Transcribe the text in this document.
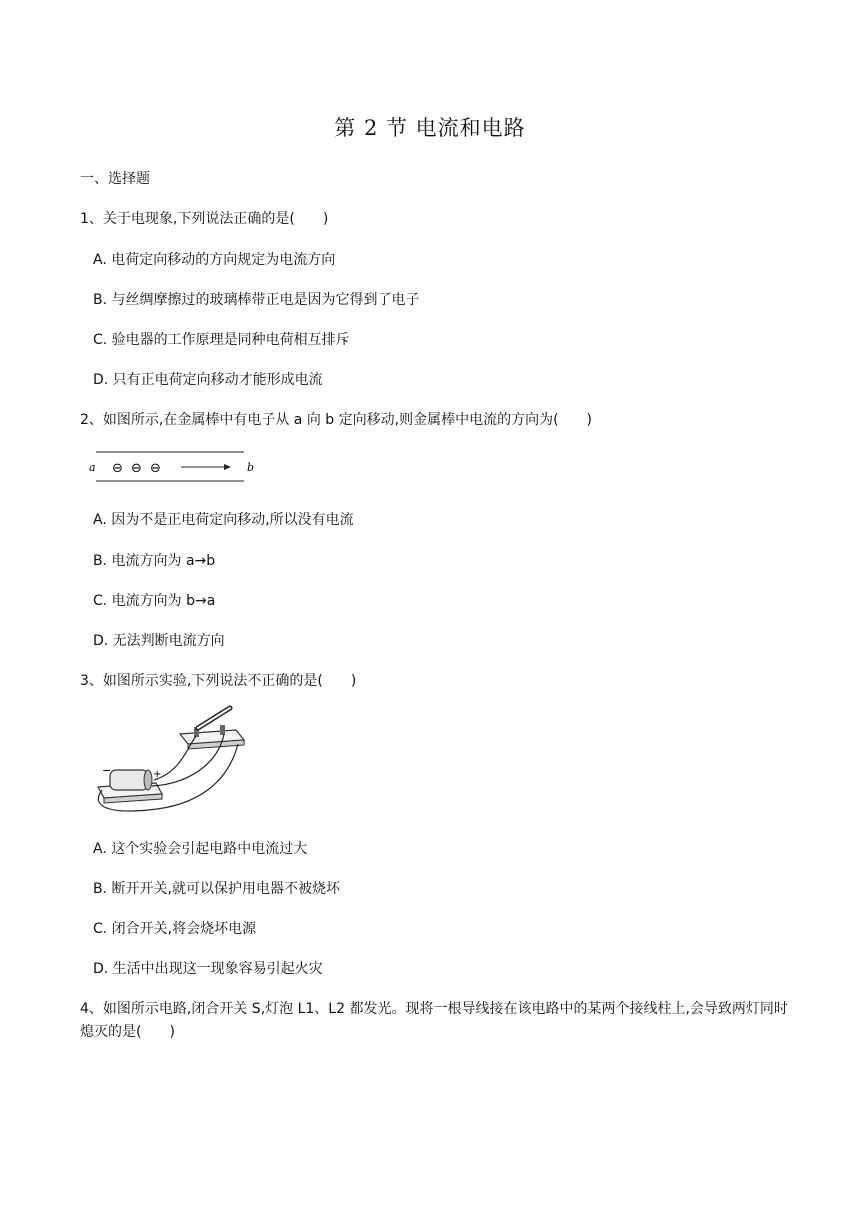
第 2 节 电流和电路
一、选择题
1、关于电现象,下列说法正确的是(　　)
A. 电荷定向移动的方向规定为电流方向
B. 与丝绸摩擦过的玻璃棒带正电是因为它得到了电子
C. 验电器的工作原理是同种电荷相互排斥
D. 只有正电荷定向移动才能形成电流
2、如图所示,在金属棒中有电子从 a 向 b 定向移动,则金属棒中电流的方向为(　　)
a	b
⊖ ⊖ ⊖
A. 因为不是正电荷定向移动,所以没有电流
B. 电流方向为 a→b
C. 电流方向为 b→a
D. 无法判断电流方向
3、如图所示实验,下列说法不正确的是(　　)
−	+
A. 这个实验会引起电路中电流过大
B. 断开开关,就可以保护用电器不被烧坏
C. 闭合开关,将会烧坏电源
D. 生活中出现这一现象容易引起火灾
4、如图所示电路,闭合开关 S,灯泡 L1、L2 都发光。现将一根导线接在该电路中的某两个接线柱上,会导致两灯同时熄灭的是(　　)
